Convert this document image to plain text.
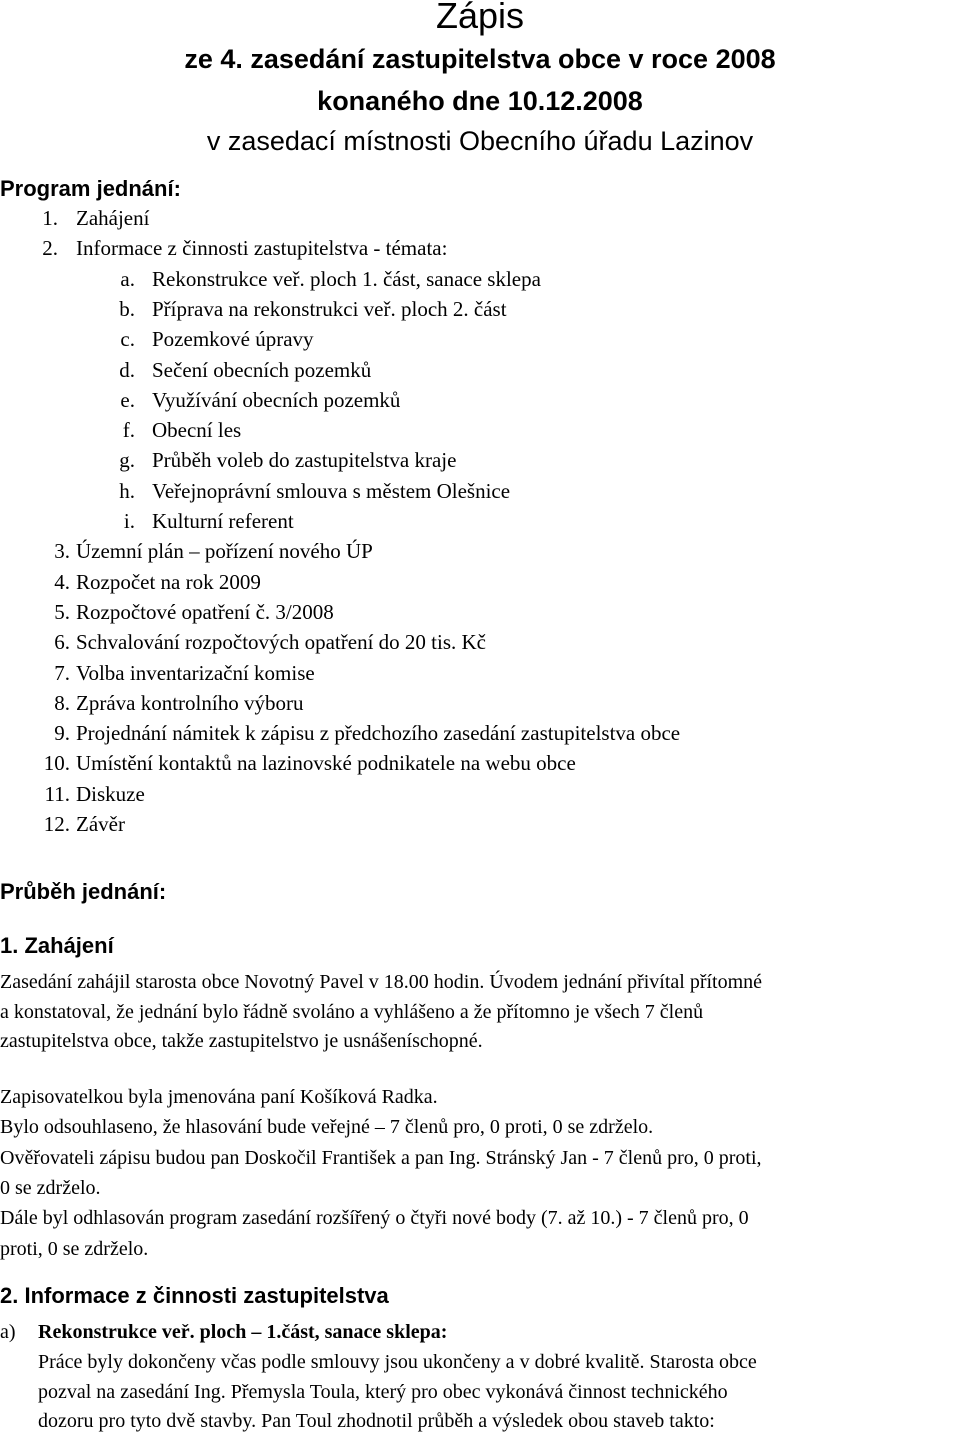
Zápis
ze 4. zasedání zastupitelstva obce v roce 2008
konaného dne 10.12.2008
v zasedací místnosti Obecního úřadu Lazinov
Program jednání:
1. Zahájení
2. Informace z činnosti zastupitelstva - témata:
a. Rekonstrukce veř. ploch 1. část, sanace sklepa
b. Příprava na rekonstrukci veř. ploch 2. část
c. Pozemkové úpravy
d. Sečení obecních pozemků
e. Využívání obecních pozemků
f. Obecní les
g. Průběh voleb do zastupitelstva kraje
h. Veřejnoprávní smlouva s městem Olešnice
i. Kulturní referent
3. Územní plán – pořízení nového ÚP
4. Rozpočet na rok 2009
5. Rozpočtové opatření č. 3/2008
6. Schvalování rozpočtových opatření do 20 tis. Kč
7. Volba inventarizační komise
8. Zpráva kontrolního výboru
9. Projednání námitek k zápisu z předchozího zasedání zastupitelstva obce
10. Umístění kontaktů na lazinovské podnikatele na webu obce
11. Diskuze
12. Závěr
Průběh jednání:
1. Zahájení
Zasedání zahájil starosta obce Novotný Pavel v 18.00 hodin. Úvodem jednání přivítal přítomné
a konstatoval, že jednání bylo řádně svoláno a vyhlášeno a že přítomno je všech 7 členů
zastupitelstva obce, takže zastupitelstvo je usnášeníschopné.
Zapisovatelkou byla jmenována paní Košíková Radka.
Bylo odsouhlaseno, že hlasování bude veřejné – 7 členů pro, 0 proti, 0 se zdrželo.
Ověřovateli zápisu budou pan Doskočil František a pan Ing. Stránský Jan - 7 členů pro, 0 proti,
0 se zdrželo.
Dále byl odhlasován program zasedání rozšířený o čtyři nové body (7. až 10.) - 7 členů pro, 0
proti, 0 se zdrželo.
2. Informace z činnosti zastupitelstva
a) Rekonstrukce veř. ploch – 1.část, sanace sklepa:
Práce byly dokončeny včas podle smlouvy jsou ukončeny a v dobré kvalitě. Starosta obce
pozval na zasedání Ing. Přemysla Toula, který pro obec vykonává činnost technického
dozoru pro tyto dvě stavby. Pan Toul zhodnotil průběh a výsledek obou staveb takto:
